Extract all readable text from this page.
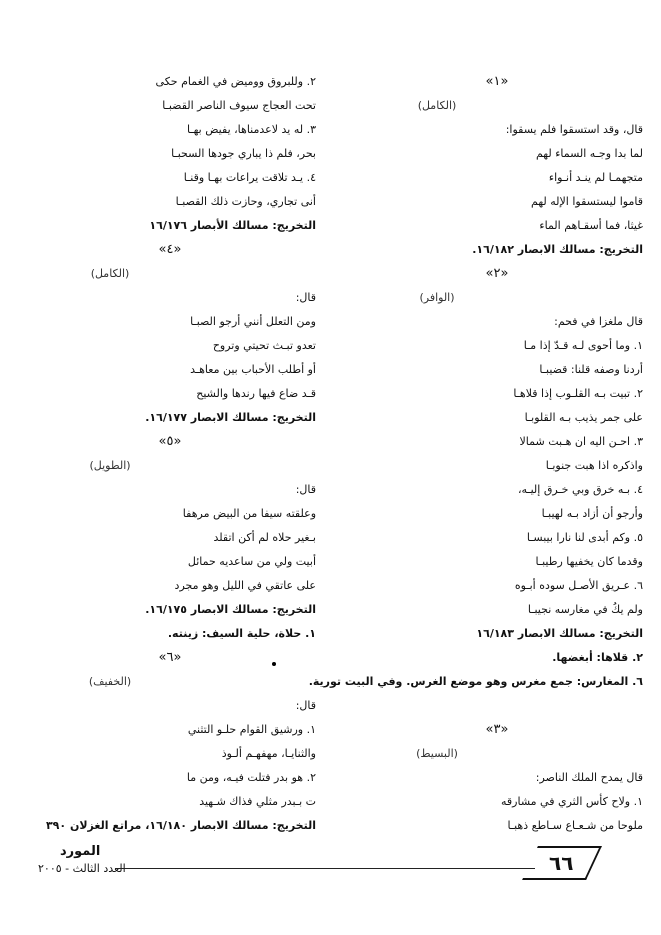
«١»
(الكامل)
قال، وقد استسقوا فلم يسقوا:
لما بدا وجـه السماء لهم
متجهمـا لم ينـد أنـواء
قاموا ليستسقوا الإله لهم
غيثا، فما أسقـاهم الماء
التخريج: مسالك الابصار ١٦/١٨٢.
«٢»
(الوافر)
قال ملغزا في فحم:
١. وما أحوى لـه قـدّ إذا مـا
أردنا وصفه قلنا: قضيبـا
٢. تبيت بـه القلـوب إذا قلاهـا
على جمر يذيب بـه القلوبـا
٣. احـن اليه ان هـبت شمالا
واذكره اذا هبت جنوبـا
٤. بـه خرق وبي خـرق إليـه،
وأرجو أن أزاد بـه لهيبـا
٥. وكم أبدى لنا نارا بيبسـا
وقدما كان يخفيها رطيبـا
٦. عـريق الأصـل سوده أبـوه
ولم يكُ في مغارسه نجيبـا
التخريج: مسالك الابصار ١٦/١٨٣
٢. قلاها: أبغضها.
٦. المغارس: جمع مغرس وهو موضع الغرس. وفي البيت تورية.
«٣»
(البسيط)
قال يمدح الملك الناصر:
١. ولاح كأس الثري في مشارقه
ملوحا من شـعـاع سـاطع ذهبـا
٢. وللبروق ووميض في الغمام حكى
تحت العجاج سيوف الناصر القضبـا
٣. له يد لاعدمناها، يفيض بهـا
بحر، فلم ذا يباري جودها السحبـا
٤. يـد تلاقت يراعات بهـا وقنـا
أنى تجاري، وحازت ذلك القصبـا
التخريج: مسالك الأبصار ١٦/١٧٦
«٤»
(الكامل)
قال:
ومن التعلل أنني أرجو الصبـا
تعدو تبـث تحيتي وتروح
أو أطلب الأحباب بين معاهـد
قـد ضاع فيها رندها والشيح
التخريج: مسالك الابصار ١٦/١٧٧.
«٥»
(الطويل)
قال:
وعلقته سيفا من البيض مرهفا
بـغير حلاه لم أكن اتقلد
أبيت ولي من ساعديه حمائل
على عاتقي في الليل وهو مجرد
التخريج: مسالك الابصار ١٦/١٧٥.
١. حلاة، حلية السيف: زينته.
«٦»
(الخفيف)
قال:
١. ورشيق القوام حلـو التثني
والثنايـا، مهفهـم ألـوذ
٢. هو بدر فتلت فيـه، ومن ما
ت بـبدر مثلي فذاك شـهيد
التخريج: مسالك الابصار ١٦/١٨٠، مراتع الغزلان ٣٩٠
المورد
العدد الثالث - ٢٠٠٥	٦٦
